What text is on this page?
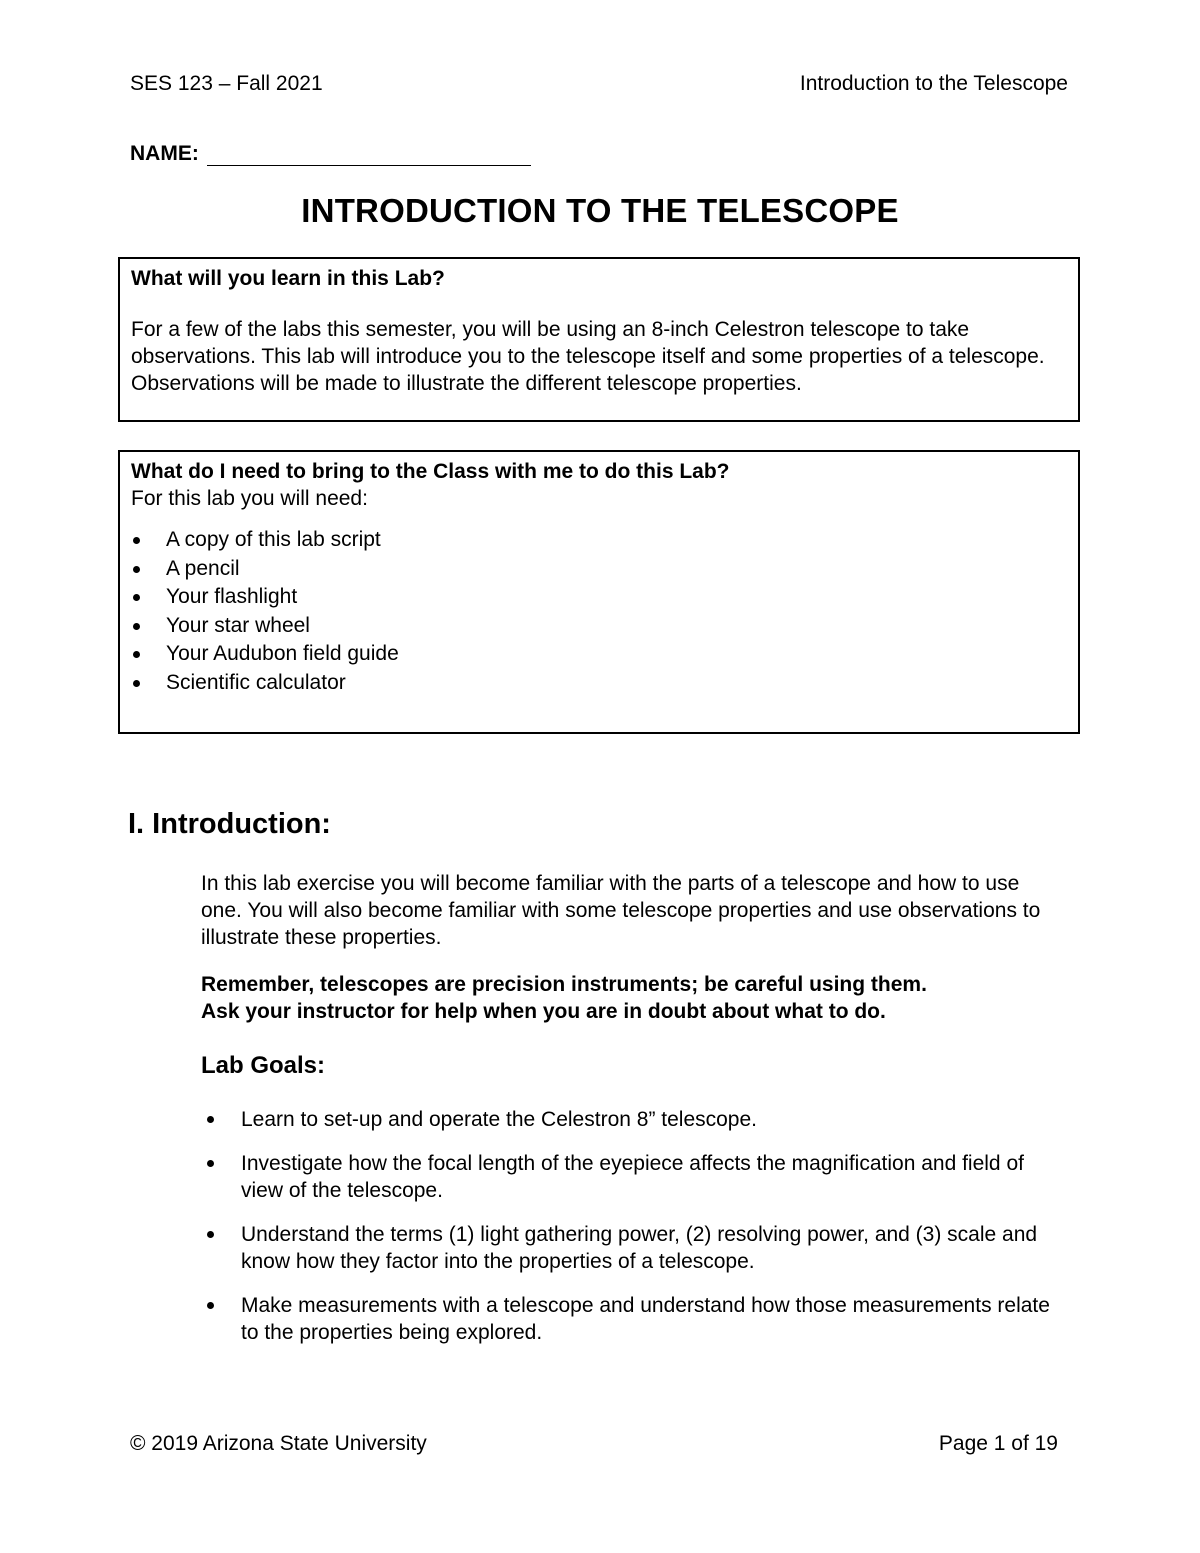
SES 123 – Fall 2021	Introduction to the Telescope
NAME:
INTRODUCTION TO THE TELESCOPE

What will you learn in this Lab?

For a few of the labs this semester, you will be using an 8-inch Celestron telescope to take observations. This lab will introduce you to the telescope itself and some properties of a telescope. Observations will be made to illustrate the different telescope properties.

What do I need to bring to the Class with me to do this Lab?

For this lab you will need:

A copy of this lab script
A pencil
Your flashlight
Your star wheel
Your Audubon field guide
Scientific calculator
I. Introduction:

In this lab exercise you will become familiar with the parts of a telescope and how to use one. You will also become familiar with some telescope properties and use observations to illustrate these properties.

Remember, telescopes are precision instruments; be careful using them.
Ask your instructor for help when you are in doubt about what to do.

Lab Goals:
Learn to set-up and operate the Celestron 8” telescope.
Investigate how the focal length of the eyepiece affects the magnification and field of view of the telescope.
Understand the terms (1) light gathering power, (2) resolving power, and (3) scale and know how they factor into the properties of a telescope.
Make measurements with a telescope and understand how those measurements relate to the properties being explored.
© 2019 Arizona State University	Page 1 of 19
